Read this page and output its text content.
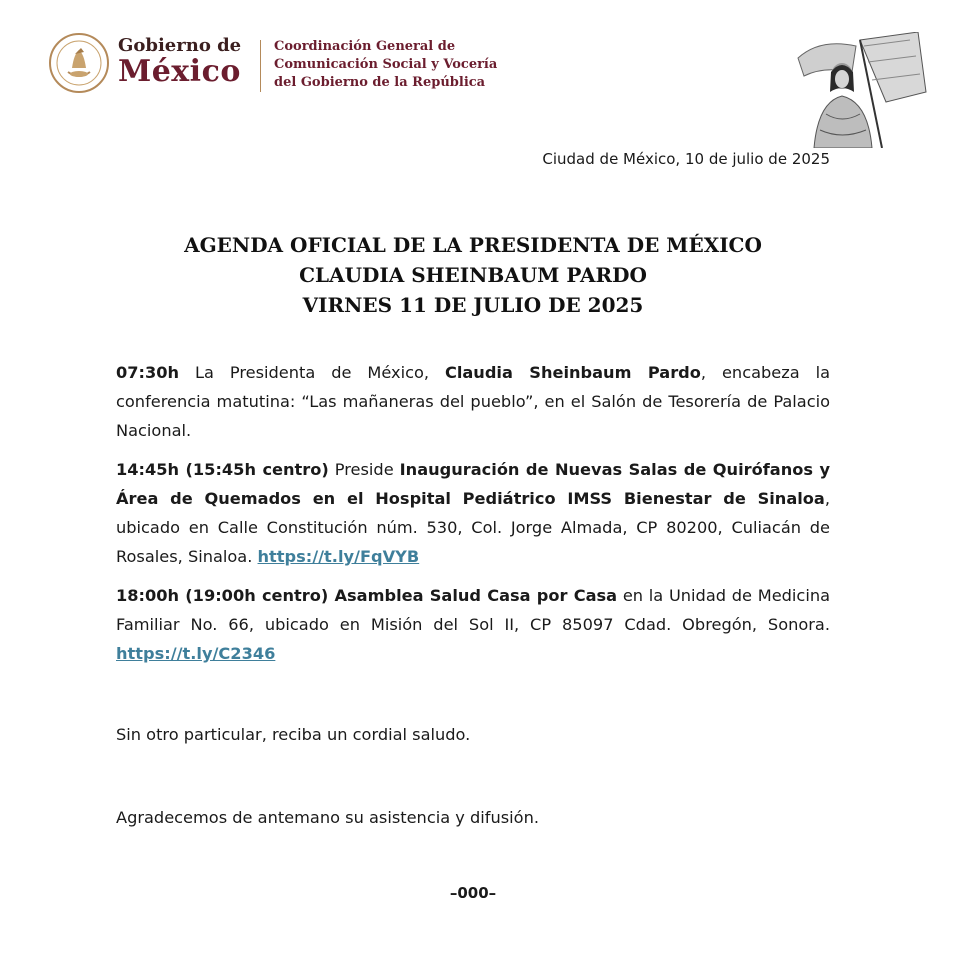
Gobierno de
México
Coordinación General de
Comunicación Social y Vocería
del Gobierno de la República
Ciudad de México, 10 de julio de 2025
AGENDA OFICIAL DE LA PRESIDENTA DE MÉXICO
CLAUDIA SHEINBAUM PARDO
VIRNES 11 DE JULIO DE 2025

07:30h La Presidenta de México, Claudia Sheinbaum Pardo, encabeza la conferencia matutina: “Las mañaneras del pueblo”, en el Salón de Tesorería de Palacio Nacional.

14:45h (15:45h centro) Preside Inauguración de Nuevas Salas de Quirófanos y Área de Quemados en el Hospital Pediátrico IMSS Bienestar de Sinaloa, ubicado en Calle Constitución núm. 530, Col. Jorge Almada, CP 80200, Culiacán de Rosales, Sinaloa. https://t.ly/FqVYB

18:00h (19:00h centro) Asamblea Salud Casa por Casa en la Unidad de Medicina Familiar No. 66, ubicado en Misión del Sol II, CP 85097 Cdad. Obregón, Sonora. https://t.ly/C2346

Sin otro particular, reciba un cordial saludo.
Agradecemos de antemano su asistencia y difusión.
–000–
